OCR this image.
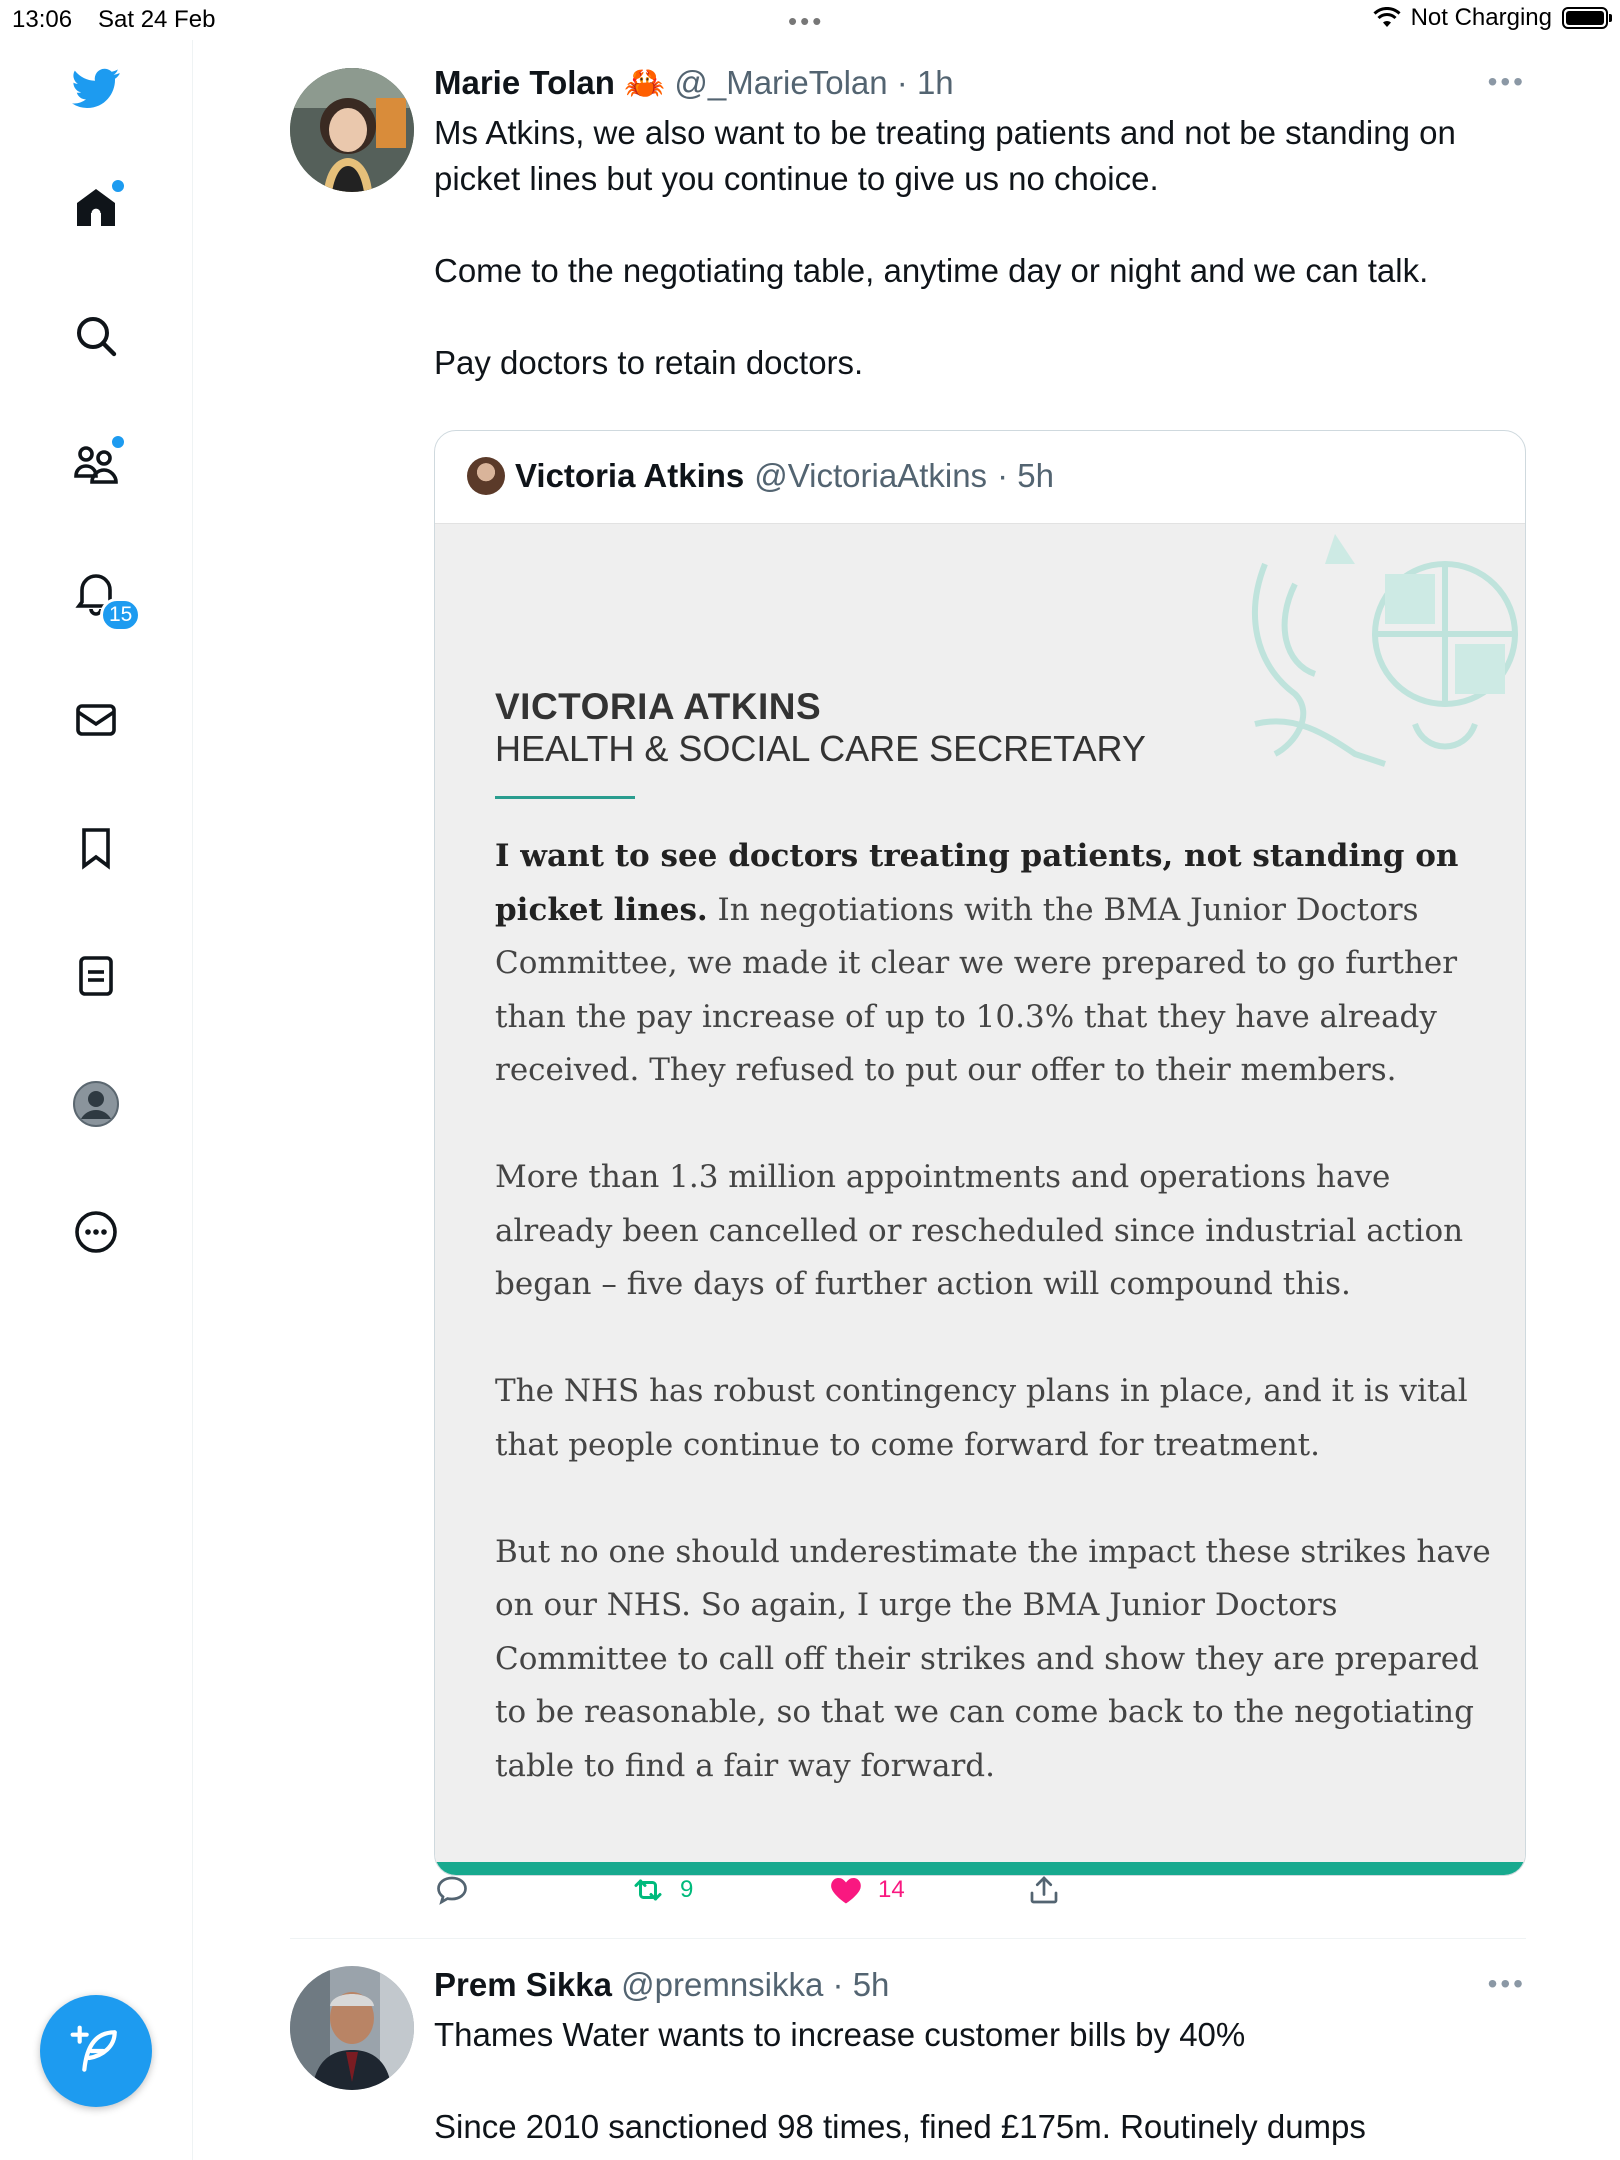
13:06 Sat 24 Feb	•••	Not Charging
15
Marie Tolan 🦀 @_MarieTolan · 1h	•••

Ms Atkins, we also want to be treating patients and not be standing on picket lines but you continue to give us no choice.

Come to the negotiating table, anytime day or night and we can talk.

Pay doctors to retain doctors.

Victoria Atkins @VictoriaAtkins · 5h
VICTORIA ATKINS
HEALTH & SOCIAL CARE SECRETARY

I want to see doctors treating patients, not standing on picket lines. In negotiations with the BMA Junior Doctors Committee, we made it clear we were prepared to go further than the pay increase of up to 10.3% that they have already received. They refused to put our offer to their members.

More than 1.3 million appointments and operations have already been cancelled or rescheduled since industrial action began – five days of further action will compound this.

The NHS has robust contingency plans in place, and it is vital that people continue to come forward for treatment.

But no one should underestimate the impact these strikes have on our NHS. So again, I urge the BMA Junior Doctors Committee to call off their strikes and show they are prepared to be reasonable, so that we can come back to the negotiating table to find a fair way forward.

9	14
Prem Sikka @premnsikka · 5h	•••

Thames Water wants to increase customer bills by 40%

Since 2010 sanctioned 98 times, fined £175m. Routinely dumps
